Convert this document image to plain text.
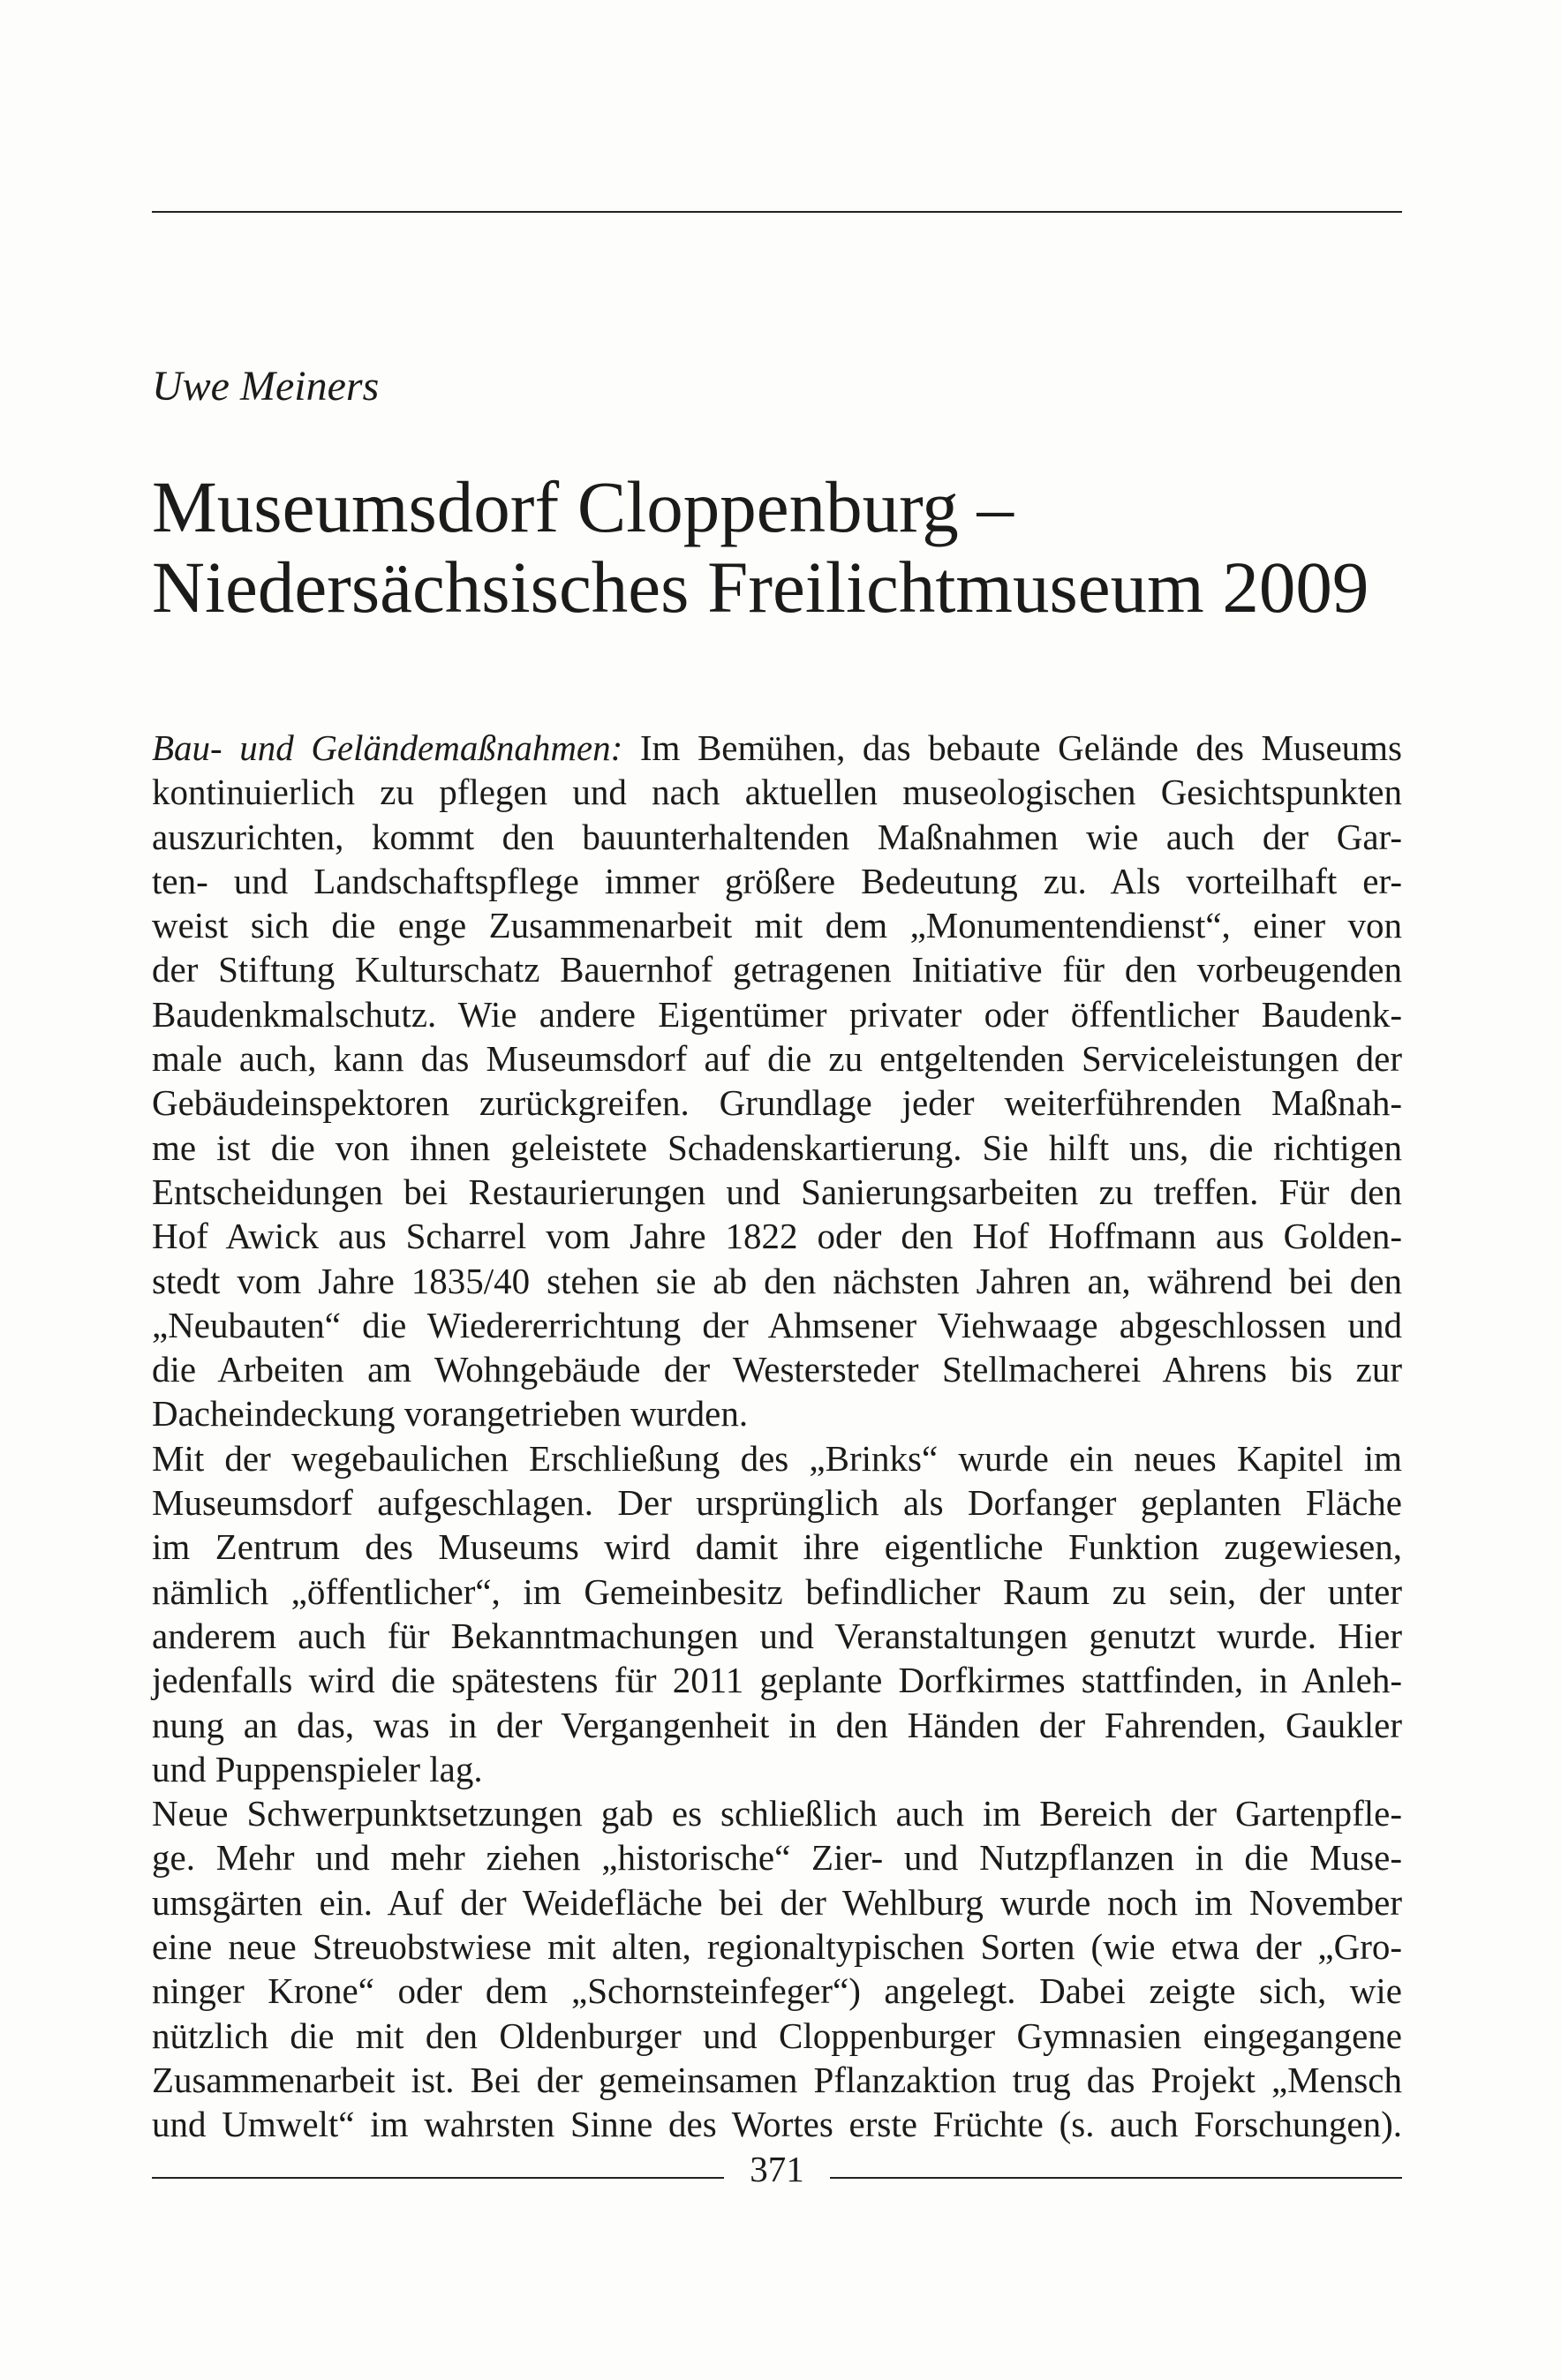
Uwe Meiners
Museumsdorf Cloppenburg –
Niedersächsisches Freilichtmuseum 2009
Bau- und Geländemaßnahmen: Im Bemühen, das bebaute Gelände des Museums
kontinuierlich zu pflegen und nach aktuellen museologischen Gesichtspunkten
auszurichten, kommt den bauunterhaltenden Maßnahmen wie auch der Gar-
ten- und Landschaftspflege immer größere Bedeutung zu. Als vorteilhaft er-
weist sich die enge Zusammenarbeit mit dem „Monumentendienst“, einer von
der Stiftung Kulturschatz Bauernhof getragenen Initiative für den vorbeugenden
Baudenkmalschutz. Wie andere Eigentümer privater oder öffentlicher Baudenk-
male auch, kann das Museumsdorf auf die zu entgeltenden Serviceleistungen der
Gebäudeinspektoren zurückgreifen. Grundlage jeder weiterführenden Maßnah-
me ist die von ihnen geleistete Schadenskartierung. Sie hilft uns, die richtigen
Entscheidungen bei Restaurierungen und Sanierungsarbeiten zu treffen. Für den
Hof Awick aus Scharrel vom Jahre 1822 oder den Hof Hoffmann aus Golden-
stedt vom Jahre 1835/40 stehen sie ab den nächsten Jahren an, während bei den
„Neubauten“ die Wiedererrichtung der Ahmsener Viehwaage abgeschlossen und
die Arbeiten am Wohngebäude der Westersteder Stellmacherei Ahrens bis zur
Dacheindeckung vorangetrieben wurden.
Mit der wegebaulichen Erschließung des „Brinks“ wurde ein neues Kapitel im
Museumsdorf aufgeschlagen. Der ursprünglich als Dorfanger geplanten Fläche
im Zentrum des Museums wird damit ihre eigentliche Funktion zugewiesen,
nämlich „öffentlicher“, im Gemeinbesitz befindlicher Raum zu sein, der unter
anderem auch für Bekanntmachungen und Veranstaltungen genutzt wurde. Hier
jedenfalls wird die spätestens für 2011 geplante Dorfkirmes stattfinden, in Anleh-
nung an das, was in der Vergangenheit in den Händen der Fahrenden, Gaukler
und Puppenspieler lag.
Neue Schwerpunktsetzungen gab es schließlich auch im Bereich der Gartenpfle-
ge. Mehr und mehr ziehen „historische“ Zier- und Nutzpflanzen in die Muse-
umsgärten ein. Auf der Weidefläche bei der Wehlburg wurde noch im November
eine neue Streuobstwiese mit alten, regionaltypischen Sorten (wie etwa der „Gro-
ninger Krone“ oder dem „Schornsteinfeger“) angelegt. Dabei zeigte sich, wie
nützlich die mit den Oldenburger und Cloppenburger Gymnasien eingegangene
Zusammenarbeit ist. Bei der gemeinsamen Pflanzaktion trug das Projekt „Mensch
und Umwelt“ im wahrsten Sinne des Wortes erste Früchte (s. auch Forschungen).
371
